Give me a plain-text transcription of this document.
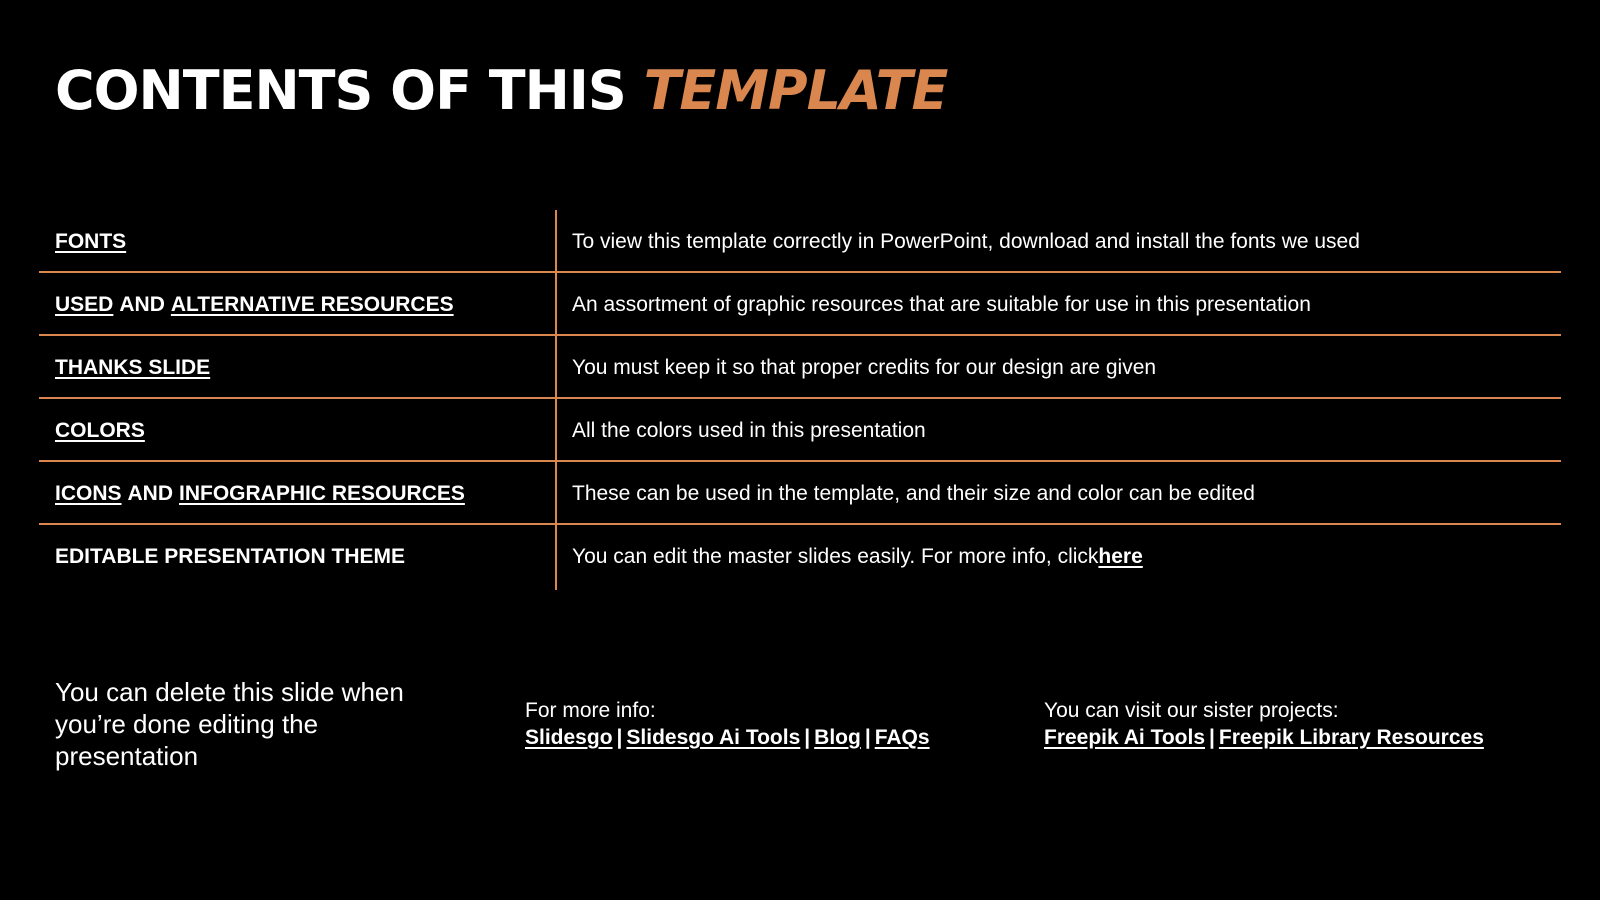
CONTENTS OF THIS TEMPLATE
FONTS	To view this template correctly in PowerPoint, download and install the fonts we used
USED AND ALTERNATIVE RESOURCES	An assortment of graphic resources that are suitable for use in this presentation
THANKS SLIDE	You must keep it so that proper credits for our design are given
COLORS	All the colors used in this presentation
ICONS AND INFOGRAPHIC RESOURCES	These can be used in the template, and their size and color can be edited
EDITABLE PRESENTATION THEME	You can edit the master slides easily. For more info, click here
You can delete this slide when you’re done editing the presentation
For more info:
Slidesgo | Slidesgo Ai Tools | Blog | FAQs
You can visit our sister projects:
Freepik Ai Tools | Freepik Library Resources
